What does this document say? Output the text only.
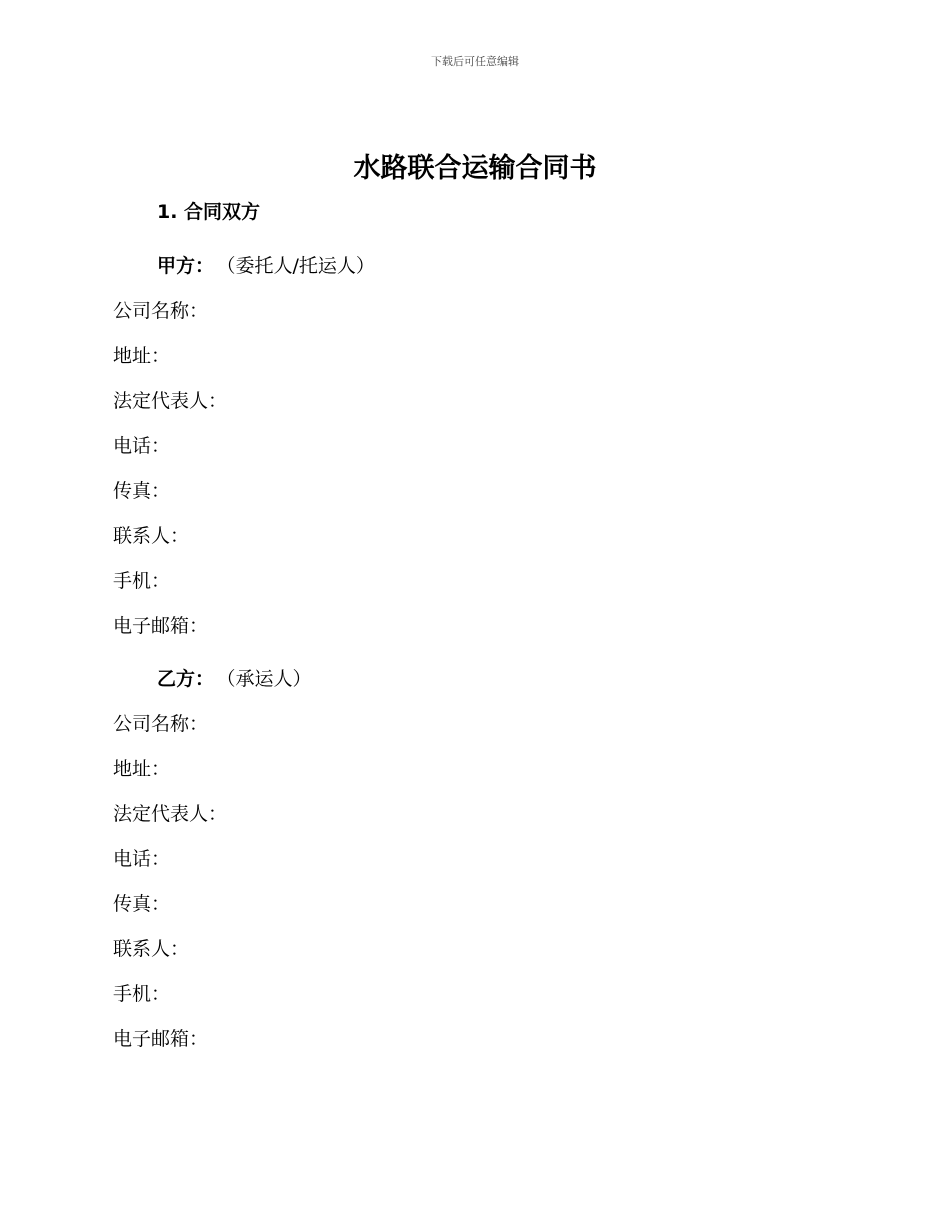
下载后可任意编辑
水路联合运输合同书
1. 合同双方
甲方： （委托人/托运人）
公司名称：
地址：
法定代表人：
电话：
传真：
联系人：
手机：
电子邮箱：
乙方： （承运人）
公司名称：
地址：
法定代表人：
电话：
传真：
联系人：
手机：
电子邮箱：
